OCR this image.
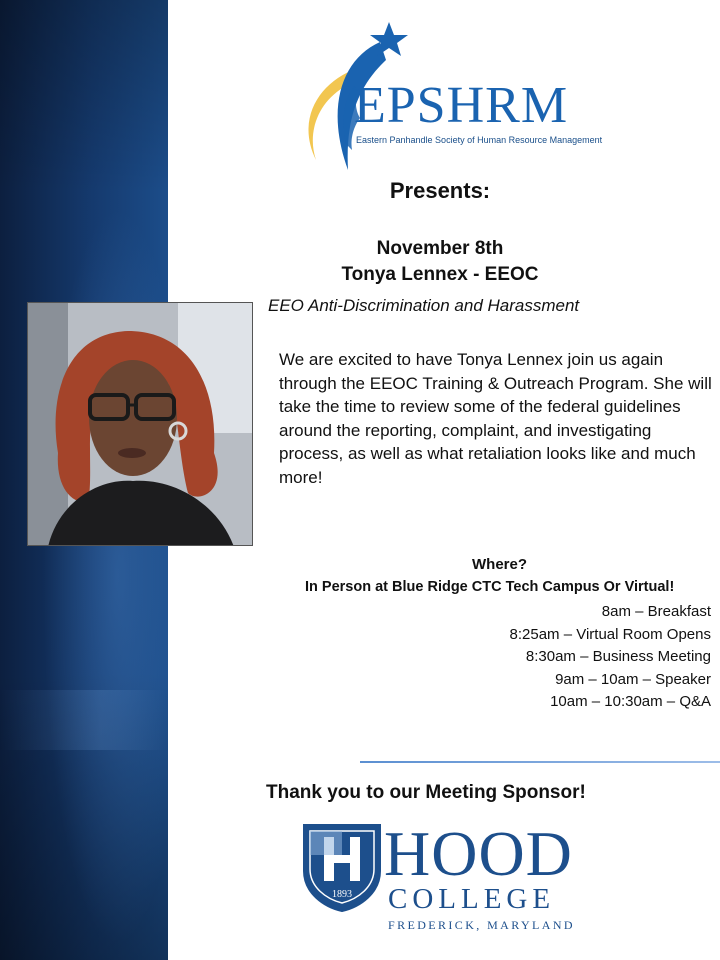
EPSHRM
Eastern Panhandle Society of Human Resource Management
Presents:
November 8th
Tonya Lennex - EEOC
EEO Anti-Discrimination and Harassment
We are excited to have Tonya Lennex join us again through the EEOC Training & Outreach Program. She will take the time to review some of the federal guidelines around the reporting, complaint, and investigating process, as well as what retaliation looks like and much more!
Where?
In Person at Blue Ridge CTC Tech Campus Or Virtual!
8am – Breakfast
8:25am – Virtual Room Opens
8:30am – Business Meeting
9am – 10am – Speaker
10am – 10:30am – Q&A
Thank you to our Meeting Sponsor!
1893
HOOD
COLLEGE
FREDERICK, MARYLAND
